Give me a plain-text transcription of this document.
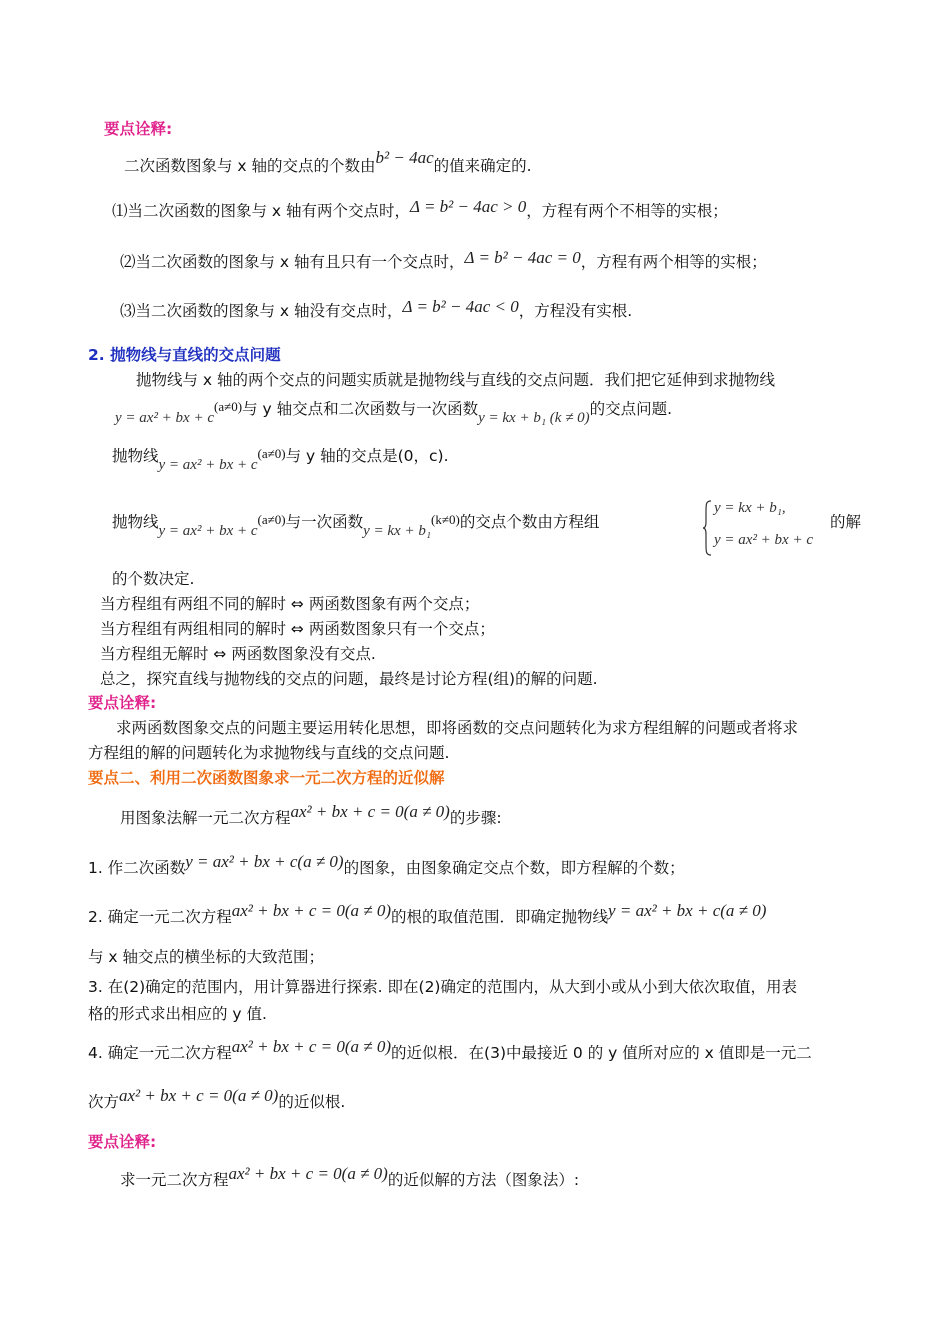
要点诠释:
二次函数图象与 x 轴的交点的个数由b² − 4ac的值来确定的.
⑴当二次函数的图象与 x 轴有两个交点时，Δ = b² − 4ac > 0，方程有两个不相等的实根；
⑵当二次函数的图象与 x 轴有且只有一个交点时，Δ = b² − 4ac = 0，方程有两个相等的实根；
⑶当二次函数的图象与 x 轴没有交点时，Δ = b² − 4ac < 0，方程没有实根.
2. 抛物线与直线的交点问题
抛物线与 x 轴的两个交点的问题实质就是抛物线与直线的交点问题．我们把它延伸到求抛物线
y = ax² + bx + c(a≠0)与 y 轴交点和二次函数与一次函数y = kx + b₁ (k ≠ 0)的交点问题.
抛物线y = ax² + bx + c(a≠0)与 y 轴的交点是(0，c).
抛物线y = ax² + bx + c(a≠0)与一次函数y = kx + b₁(k≠0)的交点个数由方程组
y = kx + b₁,
y = ax² + bx + c
的解
的个数决定.
当方程组有两组不同的解时 ⇔ 两函数图象有两个交点；
当方程组有两组相同的解时 ⇔ 两函数图象只有一个交点；
当方程组无解时 ⇔ 两函数图象没有交点.
总之，探究直线与抛物线的交点的问题，最终是讨论方程(组)的解的问题.
要点诠释:
求两函数图象交点的问题主要运用转化思想，即将函数的交点问题转化为求方程组解的问题或者将求
方程组的解的问题转化为求抛物线与直线的交点问题.
要点二、利用二次函数图象求一元二次方程的近似解
用图象法解一元二次方程ax² + bx + c = 0(a ≠ 0)的步骤:
1. 作二次函数y = ax² + bx + c(a ≠ 0)的图象，由图象确定交点个数，即方程解的个数；
2. 确定一元二次方程ax² + bx + c = 0(a ≠ 0)的根的取值范围．即确定抛物线y = ax² + bx + c(a ≠ 0)
与 x 轴交点的横坐标的大致范围；
3. 在(2)确定的范围内，用计算器进行探索. 即在(2)确定的范围内，从大到小或从小到大依次取值，用表
格的形式求出相应的 y 值.
4. 确定一元二次方程ax² + bx + c = 0(a ≠ 0)的近似根．在(3)中最接近 0 的 y 值所对应的 x 值即是一元二
次方ax² + bx + c = 0(a ≠ 0)的近似根.
要点诠释:
求一元二次方程ax² + bx + c = 0(a ≠ 0)的近似解的方法（图象法）:
